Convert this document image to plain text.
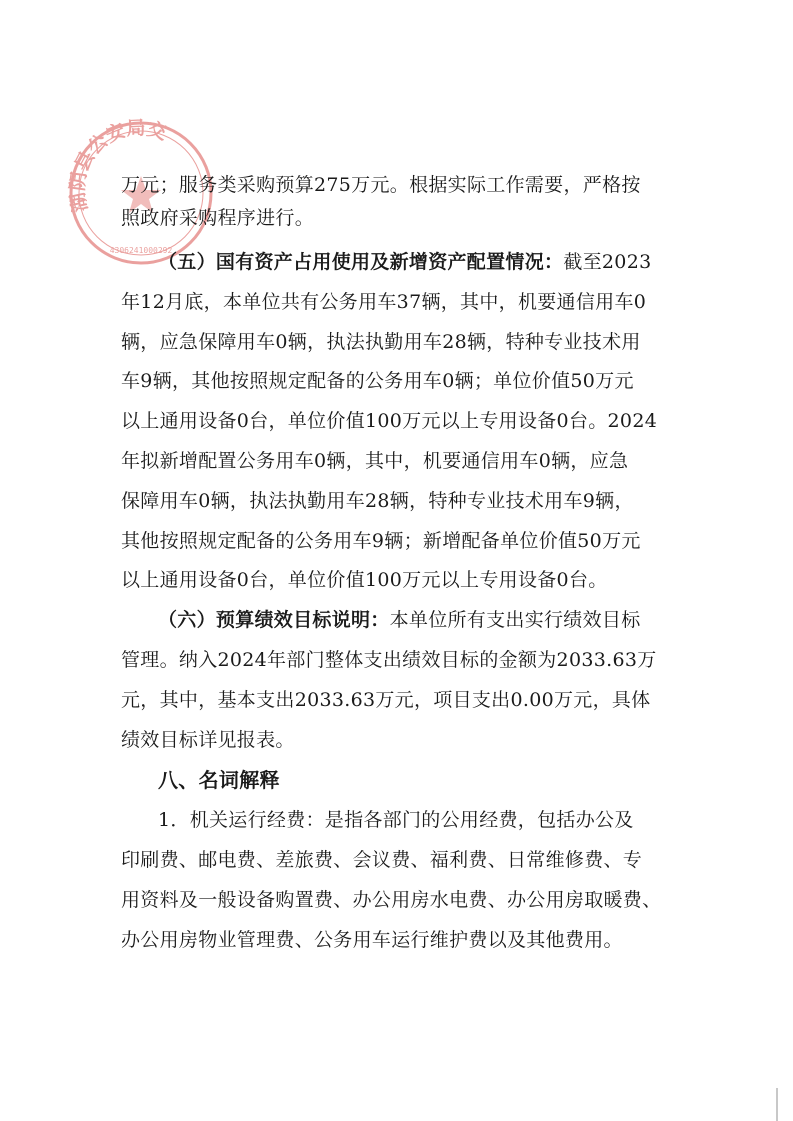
湖阴县公安局交
4306241000292
万元；服务类采购预算275万元。根据实际工作需要，严格按
照政府采购程序进行。
（五）国有资产占用使用及新增资产配置情况：截至2023
年12月底，本单位共有公务用车37辆，其中，机要通信用车0
辆，应急保障用车0辆，执法执勤用车28辆，特种专业技术用
车9辆，其他按照规定配备的公务用车0辆；单位价值50万元
以上通用设备0台，单位价值100万元以上专用设备0台。2024
年拟新增配置公务用车0辆，其中，机要通信用车0辆，应急
保障用车0辆，执法执勤用车28辆，特种专业技术用车9辆，
其他按照规定配备的公务用车9辆；新增配备单位价值50万元
以上通用设备0台，单位价值100万元以上专用设备0台。
（六）预算绩效目标说明：本单位所有支出实行绩效目标
管理。纳入2024年部门整体支出绩效目标的金额为2033.63万
元，其中，基本支出2033.63万元，项目支出0.00万元，具体
绩效目标详见报表。
八、名词解释
1．机关运行经费：是指各部门的公用经费，包括办公及
印刷费、邮电费、差旅费、会议费、福利费、日常维修费、专
用资料及一般设备购置费、办公用房水电费、办公用房取暖费、
办公用房物业管理费、公务用车运行维护费以及其他费用。
